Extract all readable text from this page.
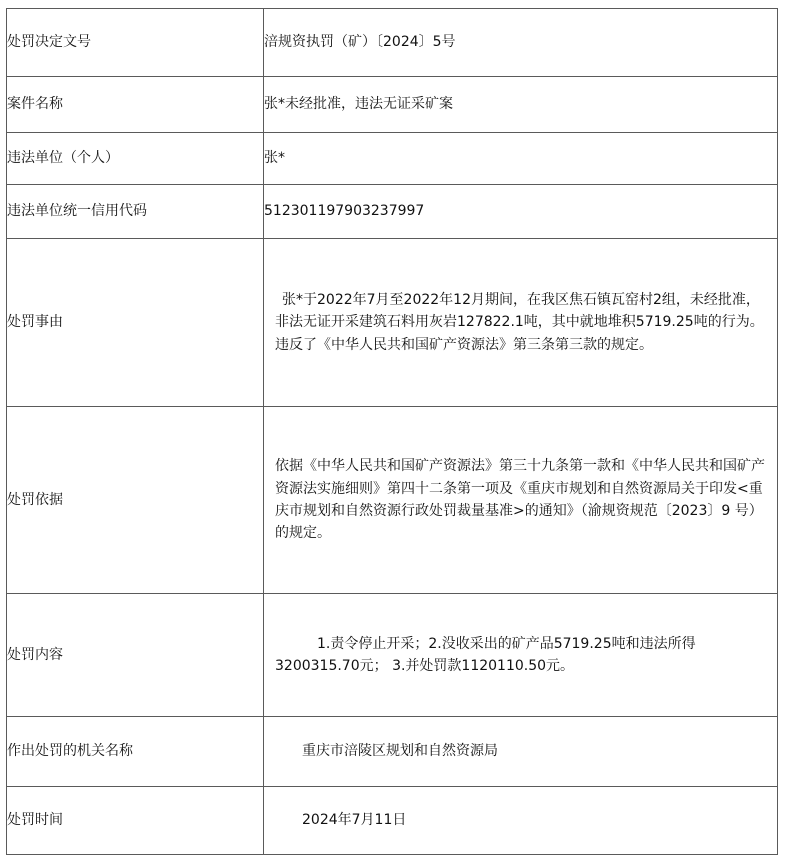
处罚决定文号	涪规资执罚（矿）〔2024〕5号
案件名称	张*未经批准，违法无证采矿案
违法单位（个人）	张*
违法单位统一信用代码	512301197903237997
处罚事由	张*于2022年7月至2022年12月期间，在我区焦石镇瓦窑村2组，未经批准，非法无证开采建筑石料用灰岩127822.1吨，其中就地堆积5719.25吨的行为。违反了《中华人民共和国矿产资源法》第三条第三款的规定。

处罚依据	依据《中华人民共和国矿产资源法》第三十九条第一款和《中华人民共和国矿产资源法实施细则》第四十二条第一项及《重庆市规划和自然资源局关于印发<重庆市规划和自然资源行政处罚裁量基准>的通知》（渝规资规范〔2023〕9 号）的规定。

处罚内容	1.责令停止开采；2.没收采出的矿产品5719.25吨和违法所得3200315.70元； 3.并处罚款1120110.50元。

作出处罚的机关名称	重庆市涪陵区规划和自然资源局
处罚时间	2024年7月11日
